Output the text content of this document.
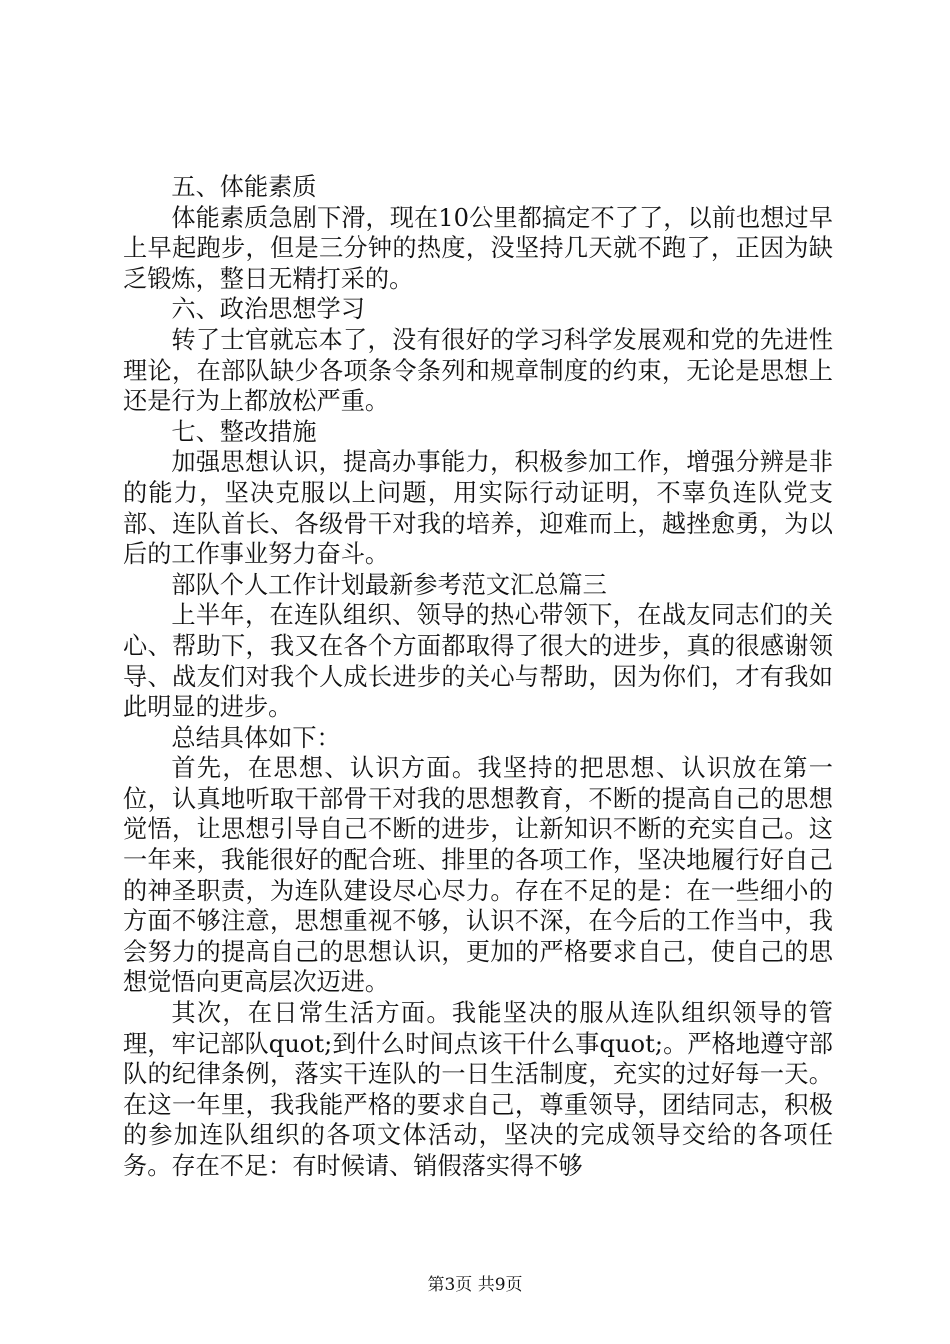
五、体能素质

体能素质急剧下滑，现在10公里都搞定不了了，以前也想过早上早起跑步，但是三分钟的热度，没坚持几天就不跑了，正因为缺乏锻炼，整日无精打采的。

六、政治思想学习

转了士官就忘本了，没有很好的学习科学发展观和党的先进性理论，在部队缺少各项条令条列和规章制度的约束，无论是思想上还是行为上都放松严重。

七、整改措施

加强思想认识，提高办事能力，积极参加工作，增强分辨是非的能力，坚决克服以上问题，用实际行动证明，不辜负连队党支部、连队首长、各级骨干对我的培养，迎难而上，越挫愈勇，为以后的工作事业努力奋斗。

部队个人工作计划最新参考范文汇总篇三

上半年，在连队组织、领导的热心带领下，在战友同志们的关心、帮助下，我又在各个方面都取得了很大的进步，真的很感谢领导、战友们对我个人成长进步的关心与帮助，因为你们，才有我如此明显的进步。

总结具体如下：

首先，在思想、认识方面。我坚持的把思想、认识放在第一位，认真地听取干部骨干对我的思想教育，不断的提高自己的思想觉悟，让思想引导自己不断的进步，让新知识不断的充实自己。这一年来，我能很好的配合班、排里的各项工作，坚决地履行好自己的神圣职责，为连队建设尽心尽力。存在不足的是：在一些细小的方面不够注意，思想重视不够，认识不深，在今后的工作当中，我会努力的提高自己的思想认识，更加的严格要求自己，使自己的思想觉悟向更高层次迈进。

其次，在日常生活方面。我能坚决的服从连队组织领导的管理，牢记部队quot;到什么时间点该干什么事quot;。严格地遵守部队的纪律条例，落实干连队的一日生活制度，充实的过好每一天。在这一年里，我我能严格的要求自己，尊重领导，团结同志，积极的参加连队组织的各项文体活动，坚决的完成领导交给的各项任务。存在不足：有时候请、销假落实得不够

第3页 共9页
